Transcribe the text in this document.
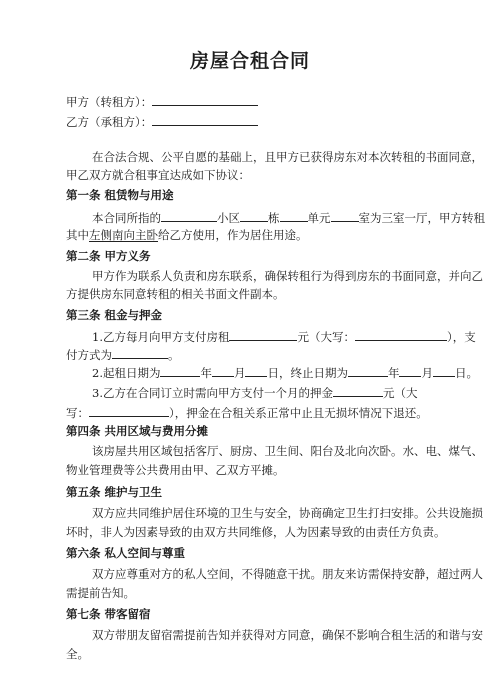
房屋合租合同
甲方（转租方）：
乙方（承租方）：
在合法合规、公平自愿的基础上，且甲方已获得房东对本次转租的书面同意，
甲乙双方就合租事宜达成如下协议：
第一条 租赁物与用途
本合同所指的	小区 栋 单元 室为三室一厅，甲方转租
其中左侧南向主卧给乙方使用，作为居住用途。
第二条 甲方义务
甲方作为联系人负责和房东联系，确保转租行为得到房东的书面同意，并向乙
方提供房东同意转租的相关书面文件副本。
第三条 租金与押金
1.乙方每月向甲方支付房租	元（大写：	），支
付方式为	。
2.起租日期为	年 月 日，终止日期为	年 月 日。
3.乙方在合同订立时需向甲方支付一个月的押金	元（大
写：	），押金在合租关系正常中止且无损坏情况下退还。
第四条 共用区域与费用分摊
该房屋共用区域包括客厅、厨房、卫生间、阳台及北向次卧。水、电、煤气、
物业管理费等公共费用由甲、乙双方平摊。
第五条 维护与卫生
双方应共同维护居住环境的卫生与安全，协商确定卫生打扫安排。公共设施损
坏时，非人为因素导致的由双方共同维修，人为因素导致的由责任方负责。
第六条 私人空间与尊重
双方应尊重对方的私人空间，不得随意干扰。朋友来访需保持安静，超过两人
需提前告知。
第七条 带客留宿
双方带朋友留宿需提前告知并获得对方同意，确保不影响合租生活的和谐与安
全。
